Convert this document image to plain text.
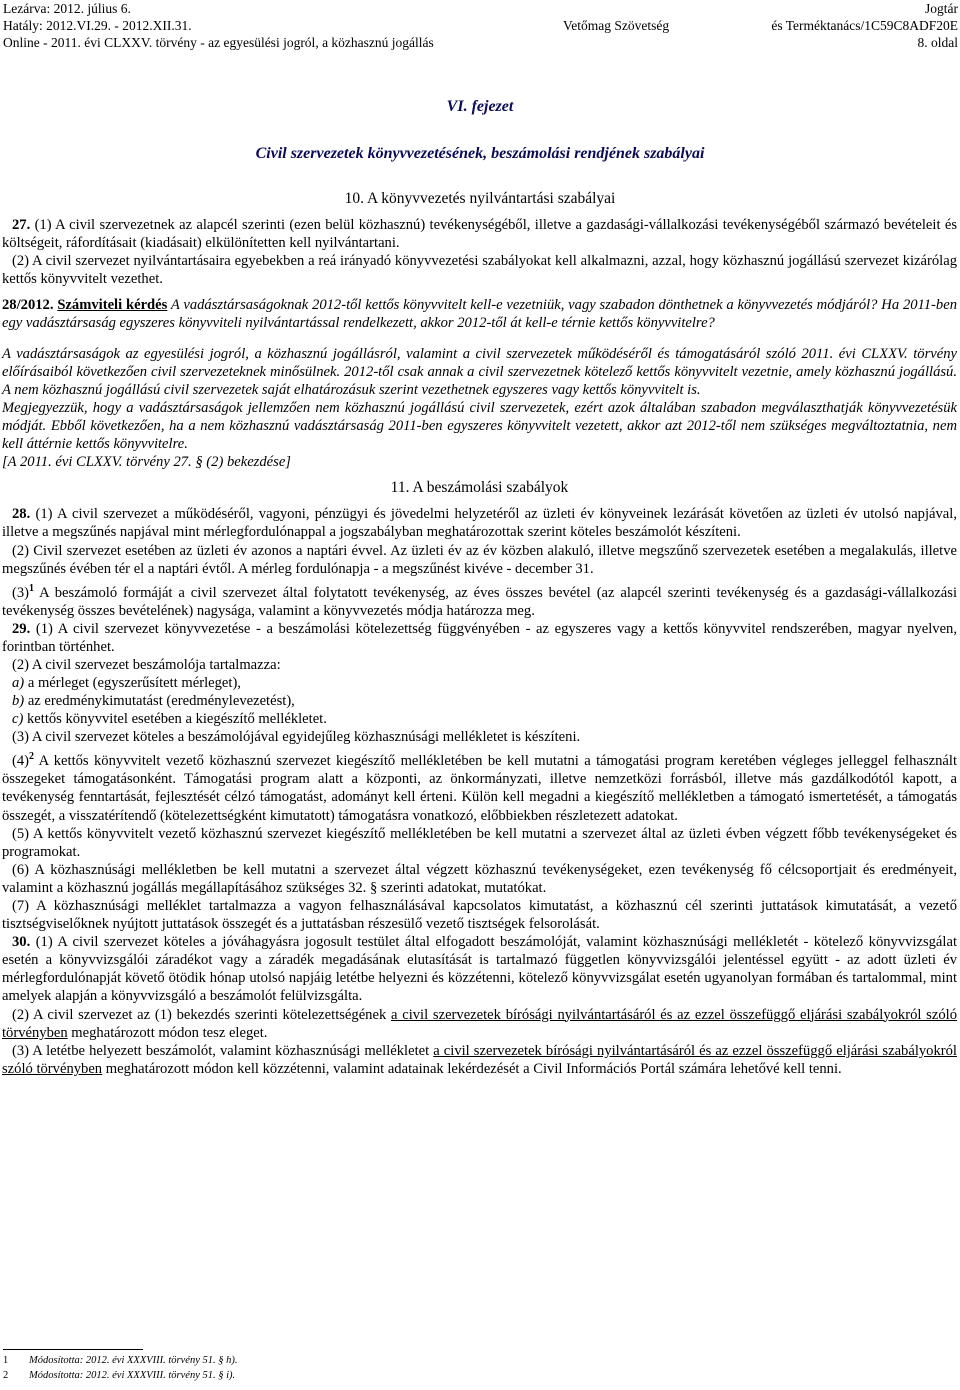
Lezárva: 2012. július 6.
Hatály: 2012.VI.29. - 2012.XII.31.
Online - 2011. évi CLXXV. törvény - az egyesülési jogról, a közhasznú jogállás

Vetőmag Szövetség
Jogtár
és Terméktanács/1C59C8ADF20E
8. oldal
VI. fejezet
Civil szervezetek könyvvezetésének, beszámolási rendjének szabályai
10. A könyvvezetés nyilvántartási szabályai

27. (1) A civil szervezetnek az alapcél szerinti (ezen belül közhasznú) tevékenységéből, illetve a gazdasági-vállalkozási tevékenységéből származó bevételeit és költségeit, ráfordításait (kiadásait) elkülönítetten kell nyilvántartani.

(2) A civil szervezet nyilvántartásaira egyebekben a reá irányadó könyvvezetési szabályokat kell alkalmazni, azzal, hogy közhasznú jogállású szervezet kizárólag kettős könyvvitelt vezethet.

28/2012. Számviteli kérdés A vadásztársaságoknak 2012-től kettős könyvvitelt kell-e vezetniük, vagy szabadon dönthetnek a könyvvezetés módjáról? Ha 2011-ben egy vadásztársaság egyszeres könyvviteli nyilvántartással rendelkezett, akkor 2012-től át kell-e térnie kettős könyvvitelre?

A vadásztársaságok az egyesülési jogról, a közhasznú jogállásról, valamint a civil szervezetek működéséről és támogatásáról szóló 2011. évi CLXXV. törvény előírásaiból következően civil szervezeteknek minősülnek. 2012-től csak annak a civil szervezetnek kötelező kettős könyvvitelt vezetnie, amely közhasznú jogállású. A nem közhasznú jogállású civil szervezetek saját elhatározásuk szerint vezethetnek egyszeres vagy kettős könyvvitelt is.

Megjegyezzük, hogy a vadásztársaságok jellemzően nem közhasznú jogállású civil szervezetek, ezért azok általában szabadon megválaszthatják könyvvezetésük módját. Ebből következően, ha a nem közhasznú vadásztársaság 2011-ben egyszeres könyvvitelt vezetett, akkor azt 2012-től nem szükséges megváltoztatnia, nem kell áttérnie kettős könyvvitelre.

[A 2011. évi CLXXV. törvény 27. § (2) bekezdése]

11. A beszámolási szabályok

28. (1) A civil szervezet a működéséről, vagyoni, pénzügyi és jövedelmi helyzetéről az üzleti év könyveinek lezárását követően az üzleti év utolsó napjával, illetve a megszűnés napjával mint mérlegfordulónappal a jogszabályban meghatározottak szerint köteles beszámolót készíteni.

(2) Civil szervezet esetében az üzleti év azonos a naptári évvel. Az üzleti év az év közben alakuló, illetve megszűnő szervezetek esetében a megalakulás, illetve megszűnés évében tér el a naptári évtől. A mérleg fordulónapja - a megszűnést kivéve - december 31.

$(3)^1$ A beszámoló formáját a civil szervezet által folytatott tevékenység, az éves összes bevétel (az alapcél szerinti tevékenység és a gazdasági-vállalkozási tevékenység összes bevételének) nagysága, valamint a könyvvezetés módja határozza meg.

29. (1) A civil szervezet könyvvezetése - a beszámolási kötelezettség függvényében - az egyszeres vagy a kettős könyvvitel rendszerében, magyar nyelven, forintban történhet.

(2) A civil szervezet beszámolója tartalmazza:

a) a mérleget (egyszerűsített mérleget),

b) az eredménykimutatást (eredménylevezetést),

c) kettős könyvvitel esetében a kiegészítő mellékletet.

(3) A civil szervezet köteles a beszámolójával egyidejűleg közhasznúsági mellékletet is készíteni.

$(4)^2$ A kettős könyvvitelt vezető közhasznú szervezet kiegészítő mellékletében be kell mutatni a támogatási program keretében végleges jelleggel felhasznált összegeket támogatásonként. Támogatási program alatt a központi, az önkormányzati, illetve nemzetközi forrásból, illetve más gazdálkodótól kapott, a tevékenység fenntartását, fejlesztését célzó támogatást, adományt kell érteni. Külön kell megadni a kiegészítő mellékletben a támogató ismertetését, a támogatás összegét, a visszatérítendő (kötelezettségként kimutatott) támogatásra vonatkozó, előbbiekben részletezett adatokat.

(5) A kettős könyvvitelt vezető közhasznú szervezet kiegészítő mellékletében be kell mutatni a szervezet által az üzleti évben végzett főbb tevékenységeket és programokat.

(6) A közhasznúsági mellékletben be kell mutatni a szervezet által végzett közhasznú tevékenységeket, ezen tevékenység fő célcsoportjait és eredményeit, valamint a közhasznú jogállás megállapításához szükséges 32. § szerinti adatokat, mutatókat.

(7) A közhasznúsági melléklet tartalmazza a vagyon felhasználásával kapcsolatos kimutatást, a közhasznú cél szerinti juttatások kimutatását, a vezető tisztségviselőknek nyújtott juttatások összegét és a juttatásban részesülő vezető tisztségek felsorolását.

30. (1) A civil szervezet köteles a jóváhagyásra jogosult testület által elfogadott beszámolóját, valamint közhasznúsági mellékletét - kötelező könyvvizsgálat esetén a könyvvizsgálói záradékot vagy a záradék megadásának elutasítását is tartalmazó független könyvvizsgálói jelentéssel együtt - az adott üzleti év mérlegfordulónapját követő ötödik hónap utolsó napjáig letétbe helyezni és közzétenni, kötelező könyvvizsgálat esetén ugyanolyan formában és tartalommal, mint amelyek alapján a könyvvizsgáló a beszámolót felülvizsgálta.

(2) A civil szervezet az (1) bekezdés szerinti kötelezettségének a civil szervezetek bírósági nyilvántartásáról és az ezzel összefüggő eljárási szabályokról szóló törvényben meghatározott módon tesz eleget.

(3) A letétbe helyezett beszámolót, valamint közhasznúsági mellékletet a civil szervezetek bírósági nyilvántartásáról és az ezzel összefüggő eljárási szabályokról szóló törvényben meghatározott módon kell közzétenni, valamint adatainak lekérdezését a Civil Információs Portál számára lehetővé kell tenni.

1 Módosította: 2012. évi XXXVIII. törvény 51. § h).
2 Módosította: 2012. évi XXXVIII. törvény 51. § i).
